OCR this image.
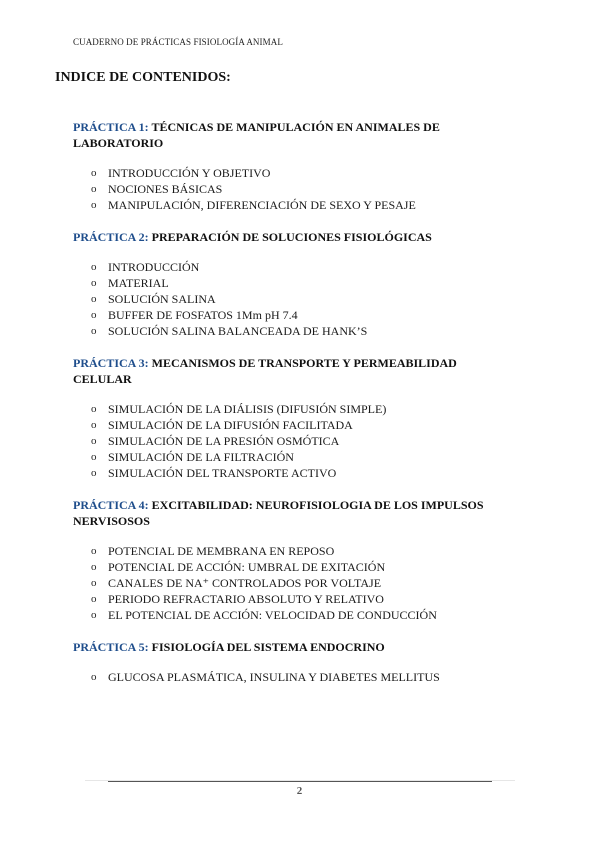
CUADERNO DE PRÁCTICAS FISIOLOGÍA ANIMAL
INDICE DE CONTENIDOS:
PRÁCTICA 1: TÉCNICAS DE MANIPULACIÓN EN ANIMALES DE LABORATORIO
o INTRODUCCIÓN Y OBJETIVO
o NOCIONES BÁSICAS
o MANIPULACIÓN, DIFERENCIACIÓN DE SEXO Y PESAJE
PRÁCTICA 2: PREPARACIÓN DE SOLUCIONES FISIOLÓGICAS
o INTRODUCCIÓN
o MATERIAL
o SOLUCIÓN SALINA
o BUFFER DE FOSFATOS 1Mm pH 7.4
o SOLUCIÓN SALINA BALANCEADA DE HANK’S
PRÁCTICA 3: MECANISMOS DE TRANSPORTE Y PERMEABILIDAD CELULAR
o SIMULACIÓN DE LA DIÁLISIS (DIFUSIÓN SIMPLE)
o SIMULACIÓN DE LA DIFUSIÓN FACILITADA
o SIMULACIÓN DE LA PRESIÓN OSMÓTICA
o SIMULACIÓN DE LA FILTRACIÓN
o SIMULACIÓN DEL TRANSPORTE ACTIVO
PRÁCTICA 4: EXCITABILIDAD: NEUROFISIOLOGIA DE LOS IMPULSOS NERVISOSOS
o POTENCIAL DE MEMBRANA EN REPOSO
o POTENCIAL DE ACCIÓN: UMBRAL DE EXITACIÓN
o CANALES DE NA⁺ CONTROLADOS POR VOLTAJE
o PERIODO REFRACTARIO ABSOLUTO Y RELATIVO
o EL POTENCIAL DE ACCIÓN: VELOCIDAD DE CONDUCCIÓN
PRÁCTICA 5: FISIOLOGÍA DEL SISTEMA ENDOCRINO
o GLUCOSA PLASMÁTICA, INSULINA Y DIABETES MELLITUS
2
